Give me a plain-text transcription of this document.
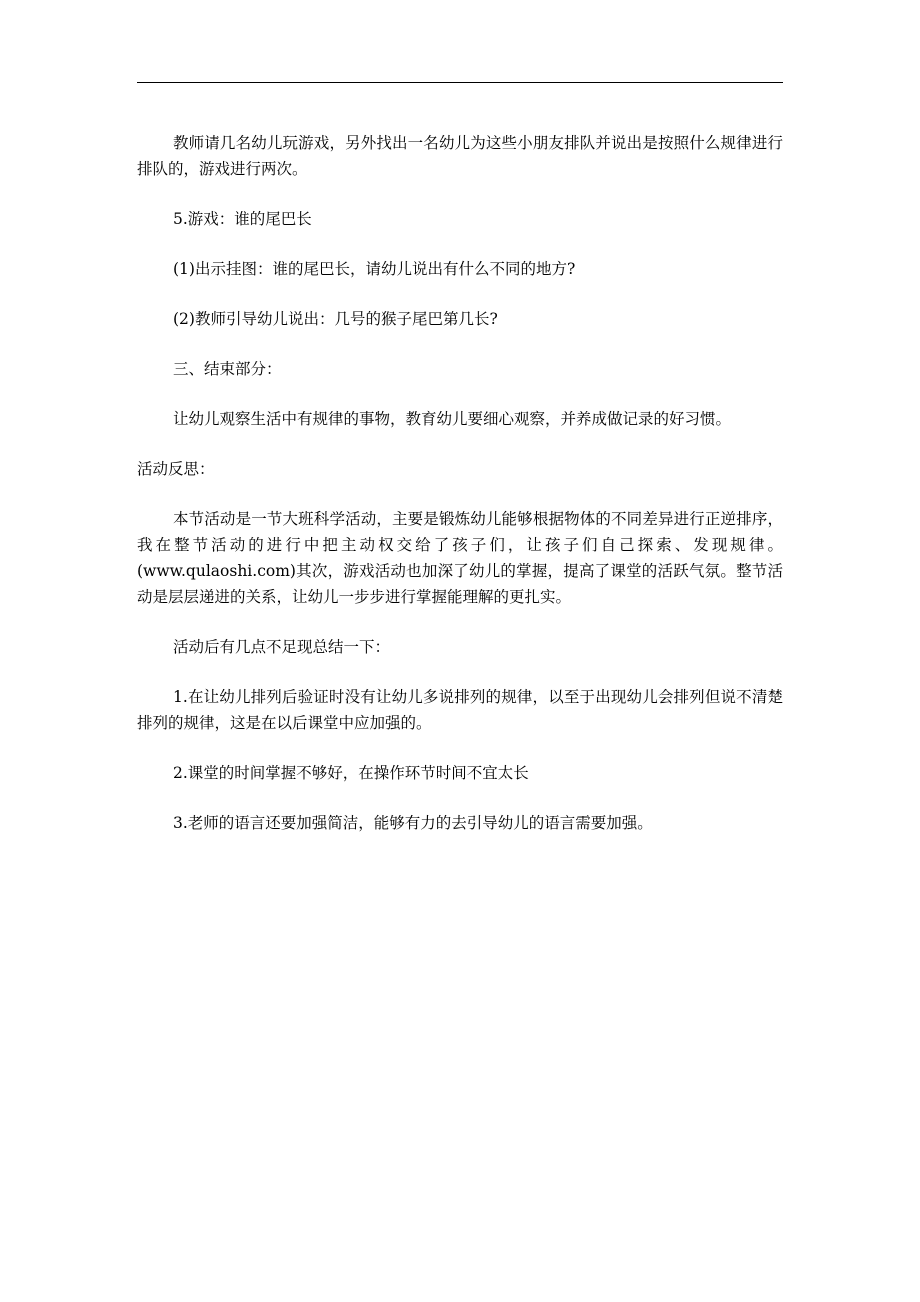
教师请几名幼儿玩游戏，另外找出一名幼儿为这些小朋友排队并说出是按照什么规律进行排队的，游戏进行两次。

5.游戏：谁的尾巴长

(1)出示挂图：谁的尾巴长，请幼儿说出有什么不同的地方?

(2)教师引导幼儿说出：几号的猴子尾巴第几长?

三、结束部分：

让幼儿观察生活中有规律的事物，教育幼儿要细心观察，并养成做记录的好习惯。

活动反思：

本节活动是一节大班科学活动，主要是锻炼幼儿能够根据物体的不同差异进行正逆排序，我在整节活动的进行中把主动权交给了孩子们，让孩子们自己探索、发现规律。(www.qulaoshi.com)其次，游戏活动也加深了幼儿的掌握，提高了课堂的活跃气氛。整节活动是层层递进的关系，让幼儿一步步进行掌握能理解的更扎实。

活动后有几点不足现总结一下：

1.在让幼儿排列后验证时没有让幼儿多说排列的规律，以至于出现幼儿会排列但说不清楚排列的规律，这是在以后课堂中应加强的。

2.课堂的时间掌握不够好，在操作环节时间不宜太长

3.老师的语言还要加强简洁，能够有力的去引导幼儿的语言需要加强。
